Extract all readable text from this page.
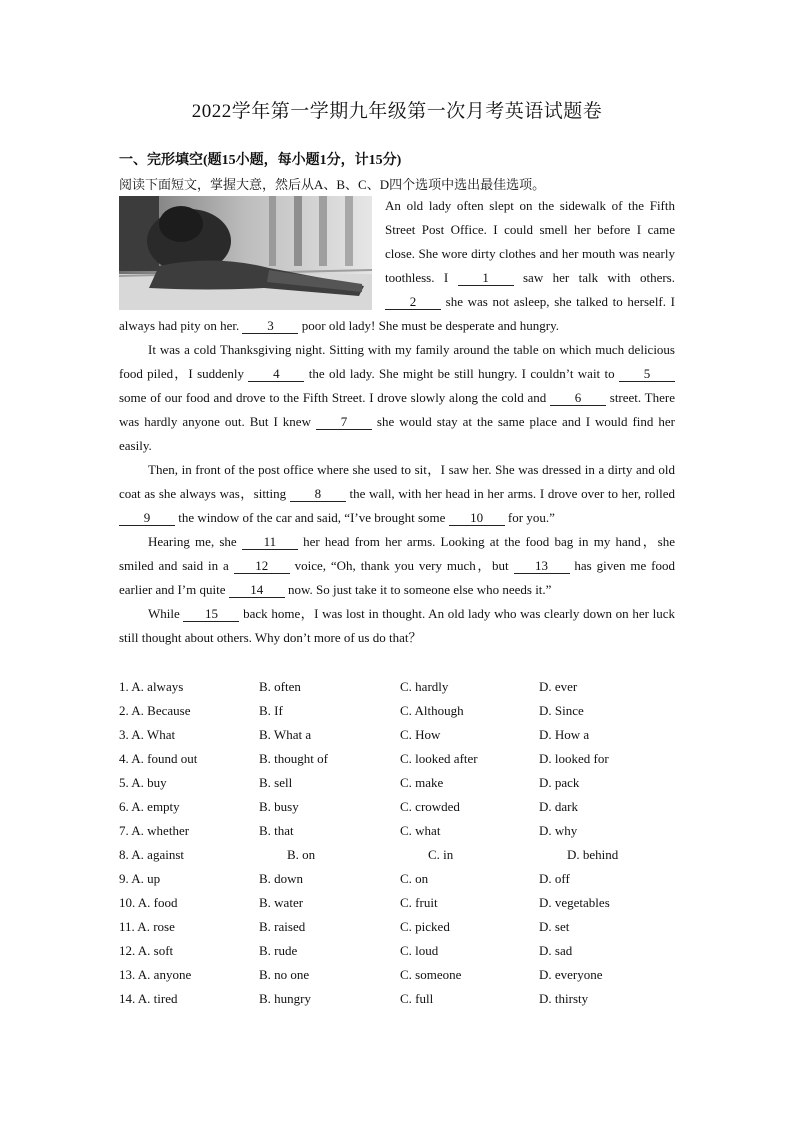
2022学年第一学期九年级第一次月考英语试题卷
一、完形填空(题15小题，每小题1分，计15分)
阅读下面短文，掌握大意，然后从A、B、C、D四个选项中选出最佳选项。

An old lady often slept on the sidewalk of the Fifth Street Post Office. I could smell her before I came close. She wore dirty clothes and her mouth was nearly toothless. I 1 saw her talk with others. 2 she was not asleep, she talked to herself. I always had pity on her. 3 poor old lady! She must be desperate and hungry.

It was a cold Thanksgiving night. Sitting with my family around the table on which much delicious food piled，I suddenly 4 the old lady. She might be still hungry. I couldn’t wait to 5 some of our food and drove to the Fifth Street. I drove slowly along the cold and 6 street. There was hardly anyone out. But I knew 7 she would stay at the same place and I would find her easily.

Then, in front of the post office where she used to sit，I saw her. She was dressed in a dirty and old coat as she always was，sitting 8 the wall, with her head in her arms. I drove over to her, rolled 9 the window of the car and said, “I’ve brought some 10 for you.”

Hearing me, she 11 her head from her arms. Looking at the food bag in my hand，she smiled and said in a 12 voice, “Oh, thank you very much，but 13 has given me food earlier and I’m quite 14 now. So just take it to someone else who needs it.”

While 15 back home，I was lost in thought. An old lady who was clearly down on her luck still thought about others. Why don’t more of us do that？

1. A. always	B. often	C. hardly	D. ever
2. A. Because	B. If	C. Although	D. Since
3. A. What	B. What a	C. How	D. How a
4. A. found out	B. thought of	C. looked after	D. looked for
5. A. buy	B. sell	C. make	D. pack
6. A. empty	B. busy	C. crowded	D. dark
7. A. whether	B. that	C. what	D. why
8. A. against	B. on	C. in	D. behind
9. A. up	B. down	C. on	D. off
10. A. food	B. water	C. fruit	D. vegetables
11. A. rose	B. raised	C. picked	D. set
12. A. soft	B. rude	C. loud	D. sad
13. A. anyone	B. no one	C. someone	D. everyone
14. A. tired	B. hungry	C. full	D. thirsty
